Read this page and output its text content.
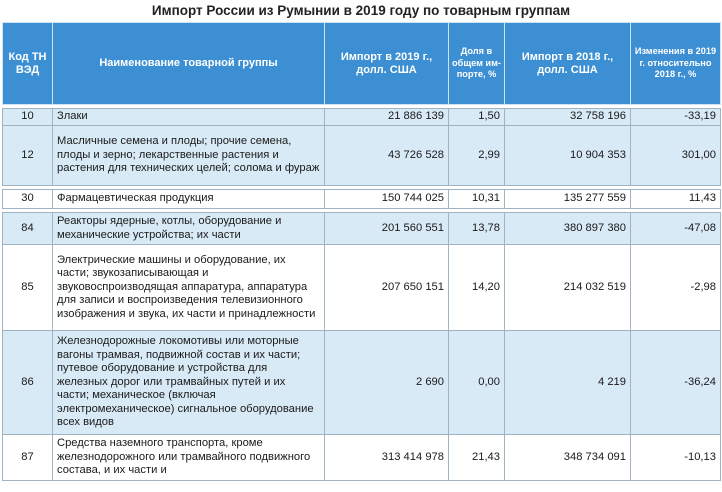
Импорт России из Румынии в 2019 году по товарным группам
Код ТН ВЭД	Наименование товарной группы	Импорт в 2019 г., долл. США	Доля в общем им- порте, %	Импорт в 2018 г., долл. США	Изменения в 2019 г. относительно 2018 г., %

10	Злаки	21 886 139	1,50	32 758 196	-33,19
12	Масличные семена и плоды; прочие семена, плоды и зерно; лекарственные растения и растения для технических целей; солома и фураж	43 726 528	2,99	10 904 353	301,00

30	Фармацевтическая продукция	150 744 025	10,31	135 277 559	11,43

84	Реакторы ядерные, котлы, оборудование и механические устройства; их части	201 560 551	13,78	380 897 380	-47,08
85	Электрические машины и оборудование, их части; звукозаписывающая и звуковоспроизводящая аппаратура, аппаратура для записи и воспроизведения телевизионного изображения и звука, их части и принадлежности	207 650 151	14,20	214 032 519	-2,98
86	Железнодорожные локомотивы или моторные вагоны трамвая, подвижной состав и их части; путевое оборудование и устройства для железных дорог или трамвайных путей и их части; механическое (включая электромеханическое) сигнальное оборудование всех видов	2 690	0,00	4 219	-36,24
87	Средства наземного транспорта, кроме железнодорожного или трамвайного подвижного состава, и их части и	313 414 978	21,43	348 734 091	-10,13
